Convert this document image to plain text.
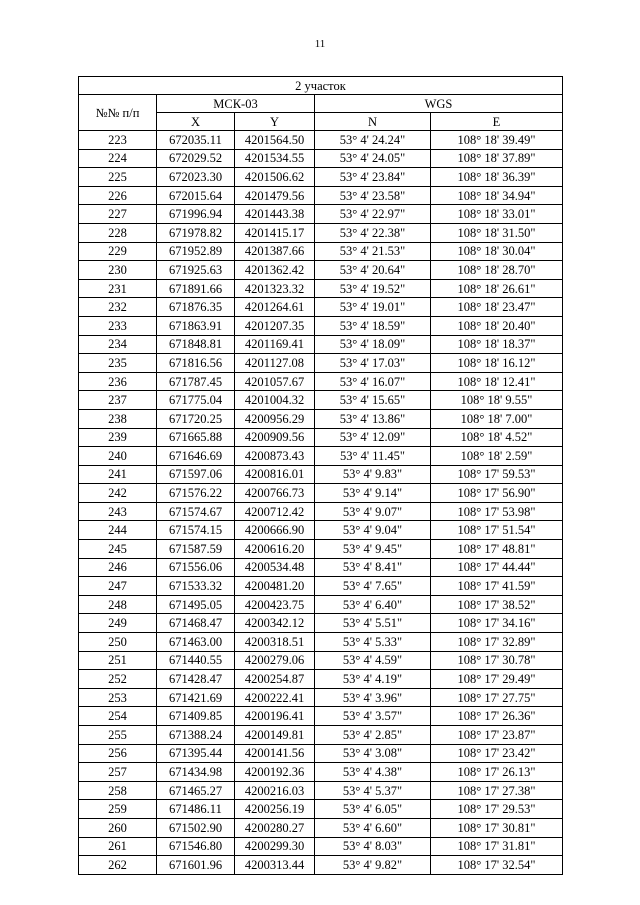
11
2 участок				
№№ п/п	МСК-03		WGS	
	X	Y	N	E
223	672035.11	4201564.50	53° 4' 24.24"	108° 18' 39.49"
224	672029.52	4201534.55	53° 4' 24.05"	108° 18' 37.89"
225	672023.30	4201506.62	53° 4' 23.84"	108° 18' 36.39"
226	672015.64	4201479.56	53° 4' 23.58"	108° 18' 34.94"
227	671996.94	4201443.38	53° 4' 22.97"	108° 18' 33.01"
228	671978.82	4201415.17	53° 4' 22.38"	108° 18' 31.50"
229	671952.89	4201387.66	53° 4' 21.53"	108° 18' 30.04"
230	671925.63	4201362.42	53° 4' 20.64"	108° 18' 28.70"
231	671891.66	4201323.32	53° 4' 19.52"	108° 18' 26.61"
232	671876.35	4201264.61	53° 4' 19.01"	108° 18' 23.47"
233	671863.91	4201207.35	53° 4' 18.59"	108° 18' 20.40"
234	671848.81	4201169.41	53° 4' 18.09"	108° 18' 18.37"
235	671816.56	4201127.08	53° 4' 17.03"	108° 18' 16.12"
236	671787.45	4201057.67	53° 4' 16.07"	108° 18' 12.41"
237	671775.04	4201004.32	53° 4' 15.65"	108° 18' 9.55"
238	671720.25	4200956.29	53° 4' 13.86"	108° 18' 7.00"
239	671665.88	4200909.56	53° 4' 12.09"	108° 18' 4.52"
240	671646.69	4200873.43	53° 4' 11.45"	108° 18' 2.59"
241	671597.06	4200816.01	53° 4' 9.83"	108° 17' 59.53"
242	671576.22	4200766.73	53° 4' 9.14"	108° 17' 56.90"
243	671574.67	4200712.42	53° 4' 9.07"	108° 17' 53.98"
244	671574.15	4200666.90	53° 4' 9.04"	108° 17' 51.54"
245	671587.59	4200616.20	53° 4' 9.45"	108° 17' 48.81"
246	671556.06	4200534.48	53° 4' 8.41"	108° 17' 44.44"
247	671533.32	4200481.20	53° 4' 7.65"	108° 17' 41.59"
248	671495.05	4200423.75	53° 4' 6.40"	108° 17' 38.52"
249	671468.47	4200342.12	53° 4' 5.51"	108° 17' 34.16"
250	671463.00	4200318.51	53° 4' 5.33"	108° 17' 32.89"
251	671440.55	4200279.06	53° 4' 4.59"	108° 17' 30.78"
252	671428.47	4200254.87	53° 4' 4.19"	108° 17' 29.49"
253	671421.69	4200222.41	53° 4' 3.96"	108° 17' 27.75"
254	671409.85	4200196.41	53° 4' 3.57"	108° 17' 26.36"
255	671388.24	4200149.81	53° 4' 2.85"	108° 17' 23.87"
256	671395.44	4200141.56	53° 4' 3.08"	108° 17' 23.42"
257	671434.98	4200192.36	53° 4' 4.38"	108° 17' 26.13"
258	671465.27	4200216.03	53° 4' 5.37"	108° 17' 27.38"
259	671486.11	4200256.19	53° 4' 6.05"	108° 17' 29.53"
260	671502.90	4200280.27	53° 4' 6.60"	108° 17' 30.81"
261	671546.80	4200299.30	53° 4' 8.03"	108° 17' 31.81"
262	671601.96	4200313.44	53° 4' 9.82"	108° 17' 32.54"
